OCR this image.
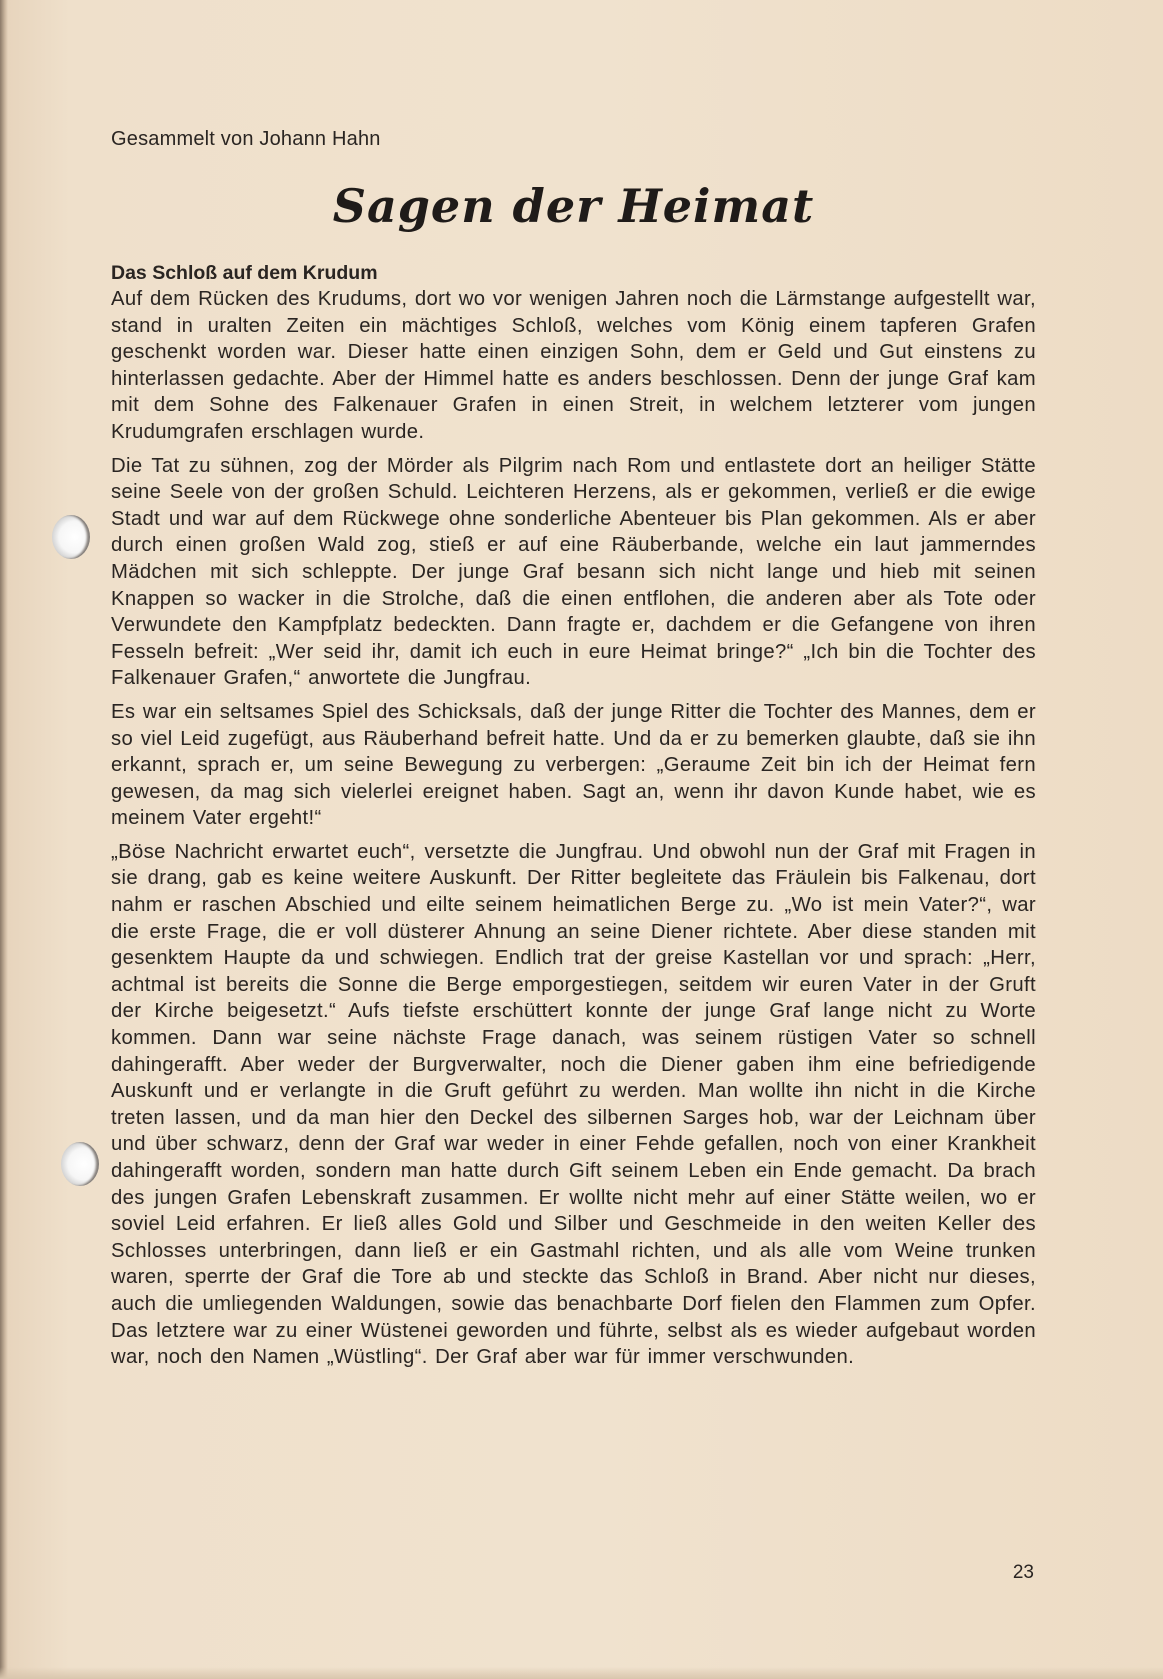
Gesammelt von Johann Hahn

Sagen der Heimat
Das Schloß auf dem Krudum

Auf dem Rücken des Krudums, dort wo vor wenigen Jahren noch die Lärmstange aufgestellt war, stand in uralten Zeiten ein mächtiges Schloß, welches vom König einem tapferen Grafen geschenkt worden war. Dieser hatte einen einzigen Sohn, dem er Geld und Gut einstens zu hinterlassen gedachte. Aber der Himmel hatte es anders beschlossen. Denn der junge Graf kam mit dem Sohne des Falkenauer Grafen in einen Streit, in welchem letzterer vom jungen Krudumgrafen erschlagen wurde.

Die Tat zu sühnen, zog der Mörder als Pilgrim nach Rom und entlastete dort an heiliger Stätte seine Seele von der großen Schuld. Leichteren Herzens, als er gekommen, verließ er die ewige Stadt und war auf dem Rückwege ohne sonderliche Abenteuer bis Plan gekommen. Als er aber durch einen großen Wald zog, stieß er auf eine Räuberbande, welche ein laut jammerndes Mädchen mit sich schleppte. Der junge Graf besann sich nicht lange und hieb mit seinen Knappen so wacker in die Strolche, daß die einen entflohen, die anderen aber als Tote oder Verwundete den Kampfplatz bedeckten. Dann fragte er, dachdem er die Gefangene von ihren Fesseln befreit: „Wer seid ihr, damit ich euch in eure Heimat bringe?“ „Ich bin die Tochter des Falkenauer Grafen,“ anwortete die Jungfrau.

Es war ein seltsames Spiel des Schicksals, daß der junge Ritter die Tochter des Mannes, dem er so viel Leid zugefügt, aus Räuberhand befreit hatte. Und da er zu bemerken glaubte, daß sie ihn erkannt, sprach er, um seine Bewegung zu verbergen: „Geraume Zeit bin ich der Heimat fern gewesen, da mag sich vielerlei ereignet haben. Sagt an, wenn ihr davon Kunde habet, wie es meinem Vater ergeht!“

„Böse Nachricht erwartet euch“, versetzte die Jungfrau. Und obwohl nun der Graf mit Fragen in sie drang, gab es keine weitere Auskunft. Der Ritter begleitete das Fräulein bis Falkenau, dort nahm er raschen Abschied und eilte seinem heimatlichen Berge zu. „Wo ist mein Vater?“, war die erste Frage, die er voll düsterer Ahnung an seine Diener richtete. Aber diese standen mit gesenktem Haupte da und schwiegen. Endlich trat der greise Kastellan vor und sprach: „Herr, achtmal ist bereits die Sonne die Berge emporgestiegen, seitdem wir euren Vater in der Gruft der Kirche beigesetzt.“ Aufs tiefste erschüttert konnte der junge Graf lange nicht zu Worte kommen. Dann war seine nächste Frage danach, was seinem rüstigen Vater so schnell dahingerafft. Aber weder der Burgverwalter, noch die Diener gaben ihm eine befriedigende Auskunft und er verlangte in die Gruft geführt zu werden. Man wollte ihn nicht in die Kirche treten lassen, und da man hier den Deckel des silbernen Sarges hob, war der Leichnam über und über schwarz, denn der Graf war weder in einer Fehde gefallen, noch von einer Krankheit dahingerafft worden, sondern man hatte durch Gift seinem Leben ein Ende gemacht. Da brach des jungen Grafen Lebenskraft zusammen. Er wollte nicht mehr auf einer Stätte weilen, wo er soviel Leid erfahren. Er ließ alles Gold und Silber und Geschmeide in den weiten Keller des Schlosses unterbringen, dann ließ er ein Gastmahl richten, und als alle vom Weine trunken waren, sperrte der Graf die Tore ab und steckte das Schloß in Brand. Aber nicht nur dieses, auch die umliegenden Waldungen, sowie das benachbarte Dorf fielen den Flammen zum Opfer. Das letztere war zu einer Wüstenei geworden und führte, selbst als es wieder aufgebaut worden war, noch den Namen „Wüstling“. Der Graf aber war für immer verschwunden.

23
